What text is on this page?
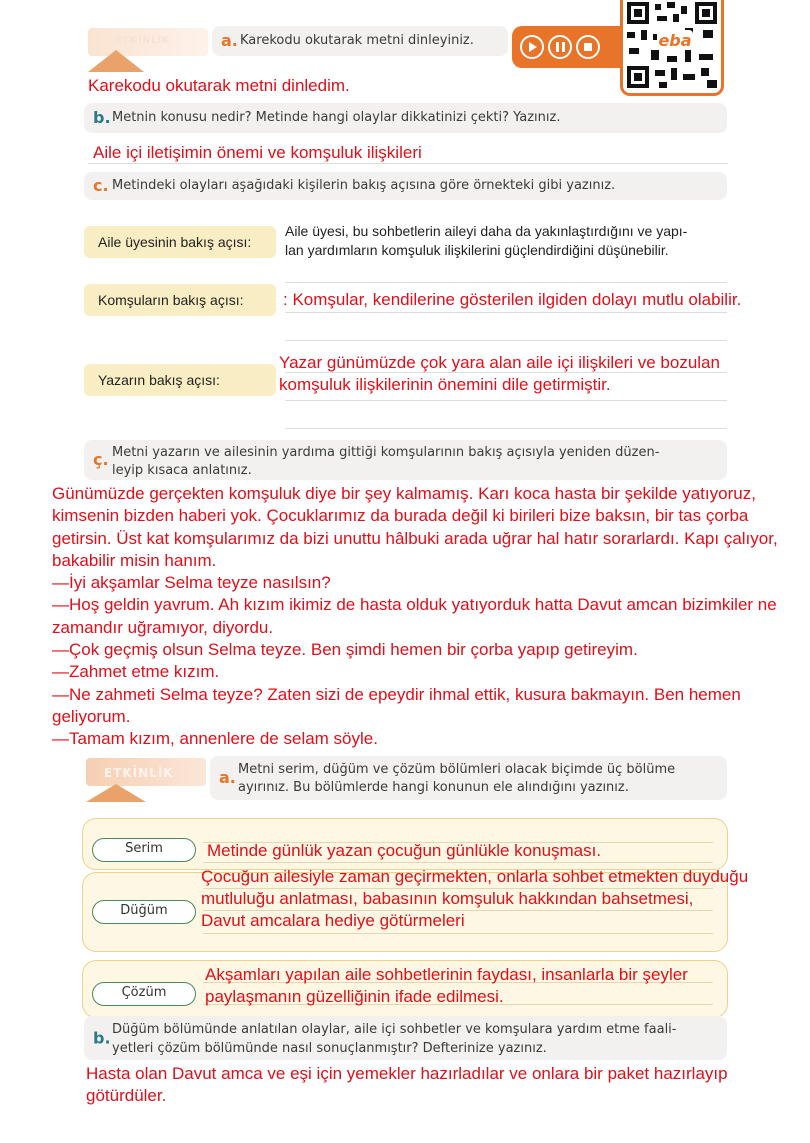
ETKİNLİK	a. Karekodu okutarak metni dinleyiniz.	eba
Karekodu okutarak metni dinledim.
b. Metnin konusu nedir? Metinde hangi olaylar dikkatinizi çekti? Yazınız.
Aile içi iletişimin önemi ve komşuluk ilişkileri
c. Metindeki olayları aşağıdaki kişilerin bakış açısına göre örnekteki gibi yazınız.
Aile üyesinin bakış açısı:
Aile üyesi, bu sohbetlerin aileyi daha da yakınlaştırdığını ve yapı-
lan yardımların komşuluk ilişkilerini güçlendirdiğini düşünebilir.
Komşuların bakış açısı: : Komşular, kendilerine gösterilen ilgiden dolayı mutlu olabilir.
Yazarın bakış açısı:
Yazar günümüzde çok yara alan aile içi ilişkileri ve bozulan
komşuluk ilişkilerinin önemini dile getirmiştir.
ç. Metni yazarın ve ailesinin yardıma gittiği komşularının bakış açısıyla yeniden düzen-
leyip kısaca anlatınız.
Günümüzde gerçekten komşuluk diye bir şey kalmamış. Karı koca hasta bir şekilde yatıyoruz,
kimsenin bizden haberi yok. Çocuklarımız da burada değil ki birileri bize baksın, bir tas çorba
getirsin. Üst kat komşularımız da bizi unuttu hâlbuki arada uğrar hal hatır sorarlardı. Kapı çalıyor,
bakabilir misin hanım.
—İyi akşamlar Selma teyze nasılsın?
—Hoş geldin yavrum. Ah kızım ikimiz de hasta olduk yatıyorduk hatta Davut amcan bizimkiler ne
zamandır uğramıyor, diyordu.
—Çok geçmiş olsun Selma teyze. Ben şimdi hemen bir çorba yapıp getireyim.
—Zahmet etme kızım.
—Ne zahmeti Selma teyze? Zaten sizi de epeydir ihmal ettik, kusura bakmayın. Ben hemen
geliyorum.
—Tamam kızım, annenlere de selam söyle.
ETKİNLİK	a. Metni serim, düğüm ve çözüm bölümleri olacak biçimde üç bölüme
ayırınız. Bu bölümlerde hangi konunun ele alındığını yazınız.
Serim	Metinde günlük yazan çocuğun günlükle konuşması.
Düğüm
Çocuğun ailesiyle zaman geçirmekten, onlarla sohbet etmekten duyduğu
mutluluğu anlatması, babasının komşuluk hakkından bahsetmesi,
Davut amcalara hediye götürmeleri
Çözüm
Akşamları yapılan aile sohbetlerinin faydası, insanlarla bir şeyler
paylaşmanın güzelliğinin ifade edilmesi.
b. Düğüm bölümünde anlatılan olaylar, aile içi sohbetler ve komşulara yardım etme faali-
yetleri çözüm bölümünde nasıl sonuçlanmıştır? Defterinize yazınız.
Hasta olan Davut amca ve eşi için yemekler hazırladılar ve onlara bir paket hazırlayıp
götürdüler.
